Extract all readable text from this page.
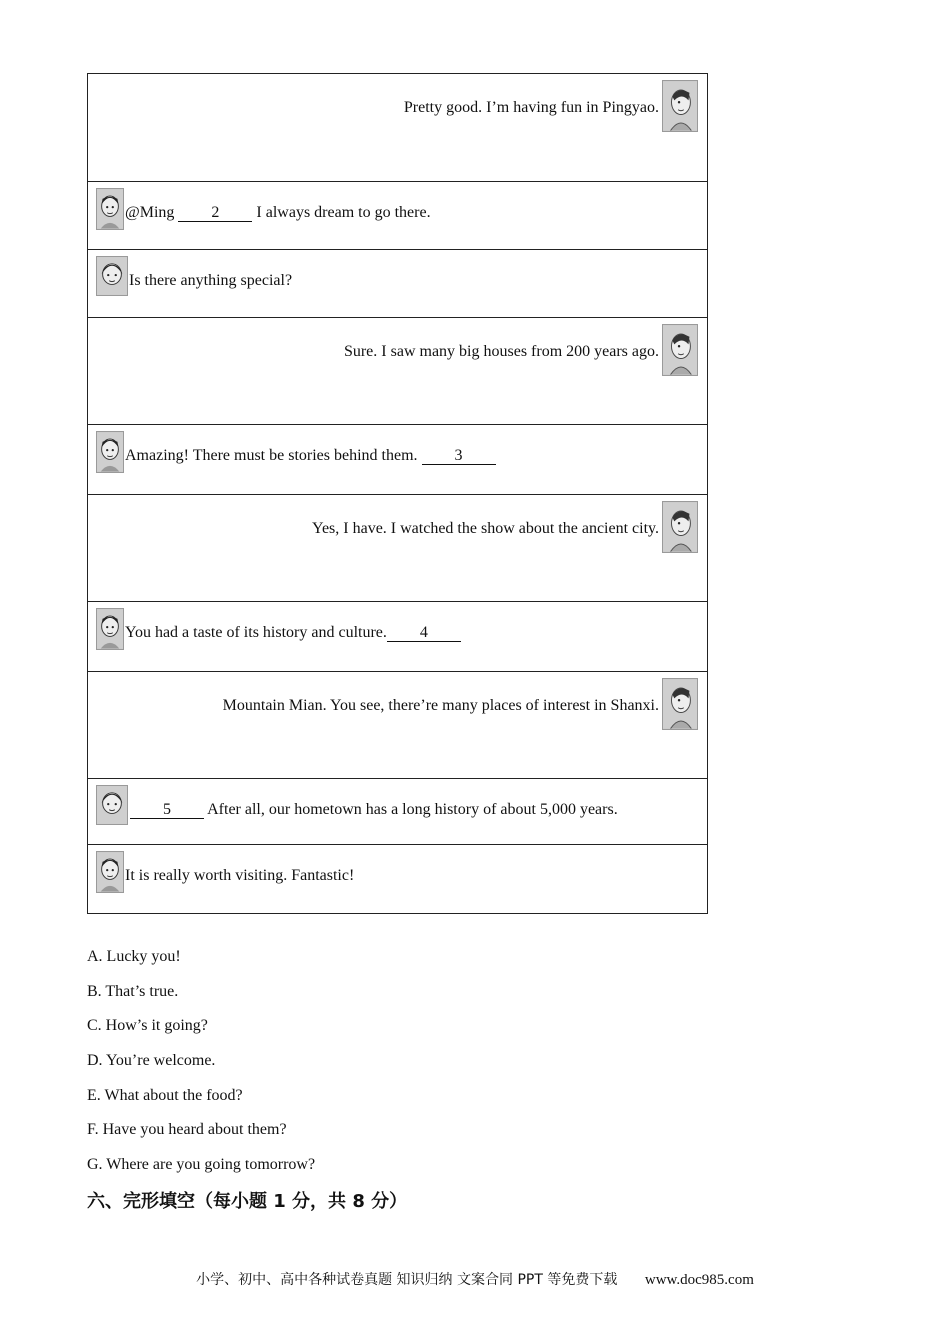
Pretty good. I’m having fun in Pingyao.
@Ming 2 I always dream to go there.
Is there anything special?
Sure. I saw many big houses from 200 years ago.
Amazing! There must be stories behind them. 3
Yes, I have. I watched the show about the ancient city.
You had a taste of its history and culture. 4
Mountain Mian. You see, there’re many places of interest in Shanxi.
5 After all, our hometown has a long history of about 5,000 years.
It is really worth visiting. Fantastic!
A. Lucky you!
B. That’s true.
C. How’s it going?
D. You’re welcome.
E. What about the food?
F. Have you heard about them?
G. Where are you going tomorrow?
六、完形填空（每小题 1 分，共 8 分）
小学、初中、高中各种试卷真题 知识归纳 文案合同 PPT 等免费下载 www.doc985.com
